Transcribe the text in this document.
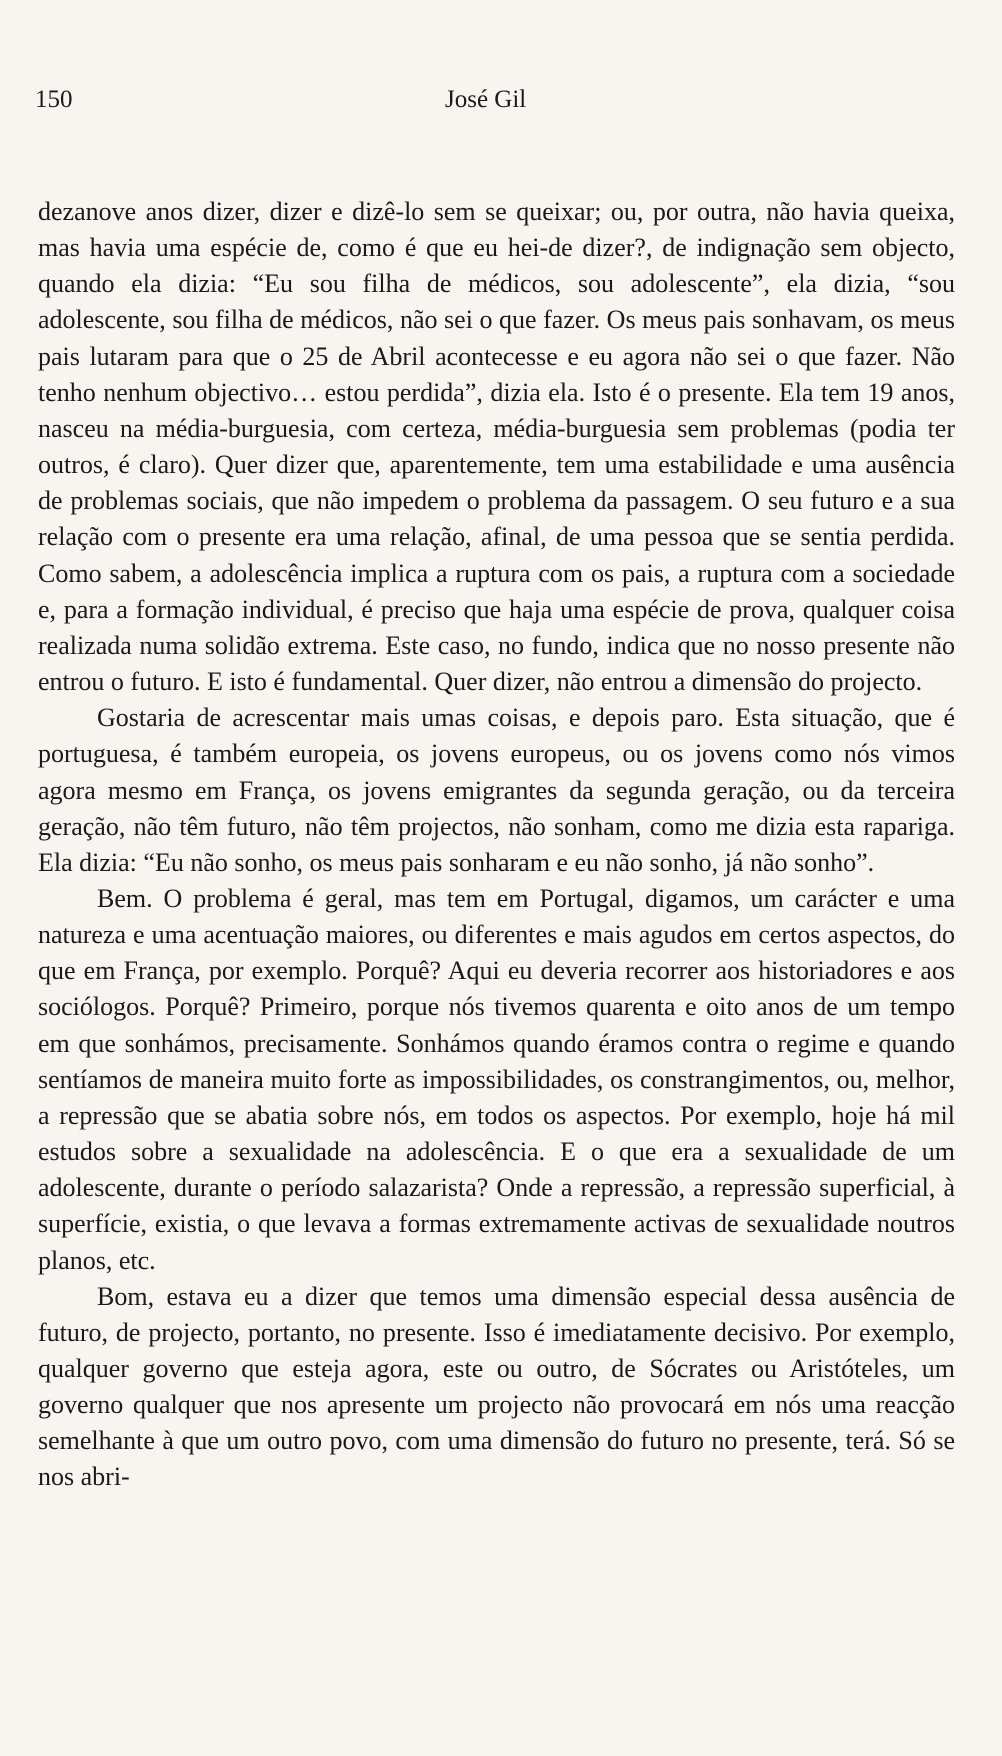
150	José Gil

dezanove anos dizer, dizer e dizê-lo sem se queixar; ou, por outra, não havia queixa, mas havia uma espécie de, como é que eu hei-de dizer?, de indignação sem objecto, quando ela dizia: “Eu sou filha de médicos, sou adolescente”, ela dizia, “sou adolescente, sou filha de médicos, não sei o que fazer. Os meus pais sonhavam, os meus pais lutaram para que o 25 de Abril acontecesse e eu agora não sei o que fazer. Não tenho nenhum objectivo… estou perdida”, dizia ela. Isto é o presente. Ela tem 19 anos, nasceu na média-burguesia, com certeza, média-burguesia sem problemas (podia ter outros, é claro). Quer dizer que, aparentemente, tem uma estabilidade e uma ausência de problemas sociais, que não impedem o problema da passagem. O seu futuro e a sua relação com o presente era uma relação, afinal, de uma pessoa que se sentia perdida. Como sabem, a adolescência implica a ruptura com os pais, a ruptura com a sociedade e, para a formação individual, é preciso que haja uma espécie de prova, qualquer coisa realizada numa solidão extrema. Este caso, no fundo, indica que no nosso presente não entrou o futuro. E isto é fundamental. Quer dizer, não entrou a dimensão do projecto.

Gostaria de acrescentar mais umas coisas, e depois paro. Esta situação, que é portuguesa, é também europeia, os jovens europeus, ou os jovens como nós vimos agora mesmo em França, os jovens emigrantes da segunda geração, ou da terceira geração, não têm futuro, não têm projectos, não sonham, como me dizia esta rapariga. Ela dizia: “Eu não sonho, os meus pais sonharam e eu não sonho, já não sonho”.

Bem. O problema é geral, mas tem em Portugal, digamos, um carácter e uma natureza e uma acentuação maiores, ou diferentes e mais agudos em certos aspectos, do que em França, por exemplo. Porquê? Aqui eu deveria recorrer aos historiadores e aos sociólogos. Porquê? Primeiro, porque nós tivemos quarenta e oito anos de um tempo em que sonhámos, precisamente. Sonhámos quando éramos contra o regime e quando sentíamos de maneira muito forte as impossibilidades, os constrangimentos, ou, melhor, a repressão que se abatia sobre nós, em todos os aspectos. Por exemplo, hoje há mil estudos sobre a sexualidade na adolescência. E o que era a sexualidade de um adolescente, durante o período salazarista? Onde a repressão, a repressão superficial, à superfície, existia, o que levava a formas extremamente activas de sexualidade noutros planos, etc.

Bom, estava eu a dizer que temos uma dimensão especial dessa ausência de futuro, de projecto, portanto, no presente. Isso é imediatamente decisivo. Por exemplo, qualquer governo que esteja agora, este ou outro, de Sócrates ou Aristóteles, um governo qualquer que nos apresente um projecto não provocará em nós uma reacção semelhante à que um outro povo, com uma dimensão do futuro no presente, terá. Só se nos abri-
